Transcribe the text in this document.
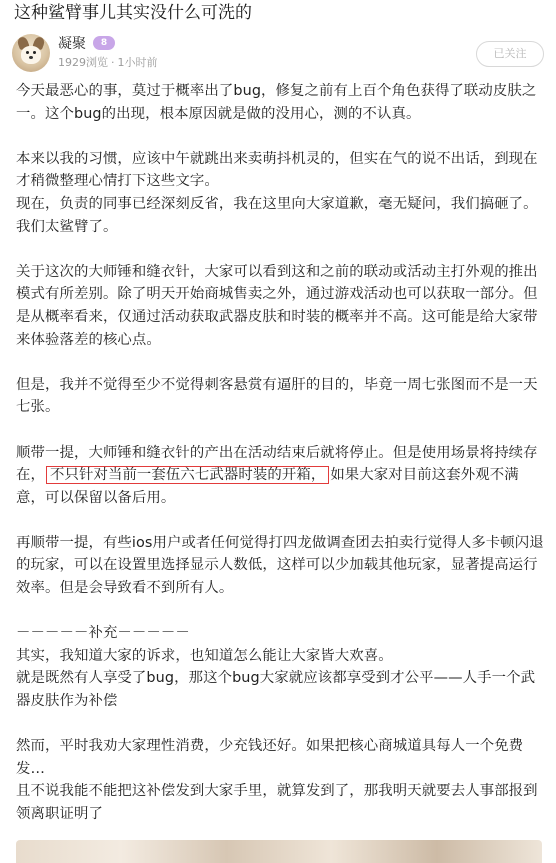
这种鲨臂事儿其实没什么可洗的
凝聚	8
1929浏览 · 1小时前
已关注

今天最恶心的事，莫过于概率出了bug，修复之前有上百个角色获得了联动皮肤之一。这个bug的出现，根本原因就是做的没用心，测的不认真。

本来以我的习惯，应该中午就跳出来卖萌抖机灵的，但实在气的说不出话，到现在才稍微整理心情打下这些文字。

现在，负责的同事已经深刻反省，我在这里向大家道歉，毫无疑问，我们搞砸了。我们太鲨臂了。

关于这次的大师锤和缝衣针，大家可以看到这和之前的联动或活动主打外观的推出模式有所差别。除了明天开始商城售卖之外，通过游戏活动也可以获取一部分。但是从概率看来，仅通过活动获取武器皮肤和时装的概率并不高。这可能是给大家带来体验落差的核心点。

但是，我并不觉得至少不觉得刺客悬赏有逼肝的目的，毕竟一周七张图而不是一天七张。

顺带一提，大师锤和缝衣针的产出在活动结束后就将停止。但是使用场景将持续存在， 不只针对当前一套伍六七武器时装的开箱， 如果大家对目前这套外观不满意，可以保留以备后用。

再顺带一提，有些ios用户或者任何觉得打四龙做调查团去拍卖行觉得人多卡顿闪退的玩家，可以在设置里选择显示人数低，这样可以少加载其他玩家，显著提高运行效率。但是会导致看不到所有人。

－－－－－补充－－－－－

其实，我知道大家的诉求，也知道怎么能让大家皆大欢喜。

就是既然有人享受了bug，那这个bug大家就应该都享受到才公平——人手一个武器皮肤作为补偿

然而，平时我劝大家理性消费，少充钱还好。如果把核心商城道具每人一个免费发…

且不说我能不能把这补偿发到大家手里，就算发到了，那我明天就要去人事部报到领离职证明了
